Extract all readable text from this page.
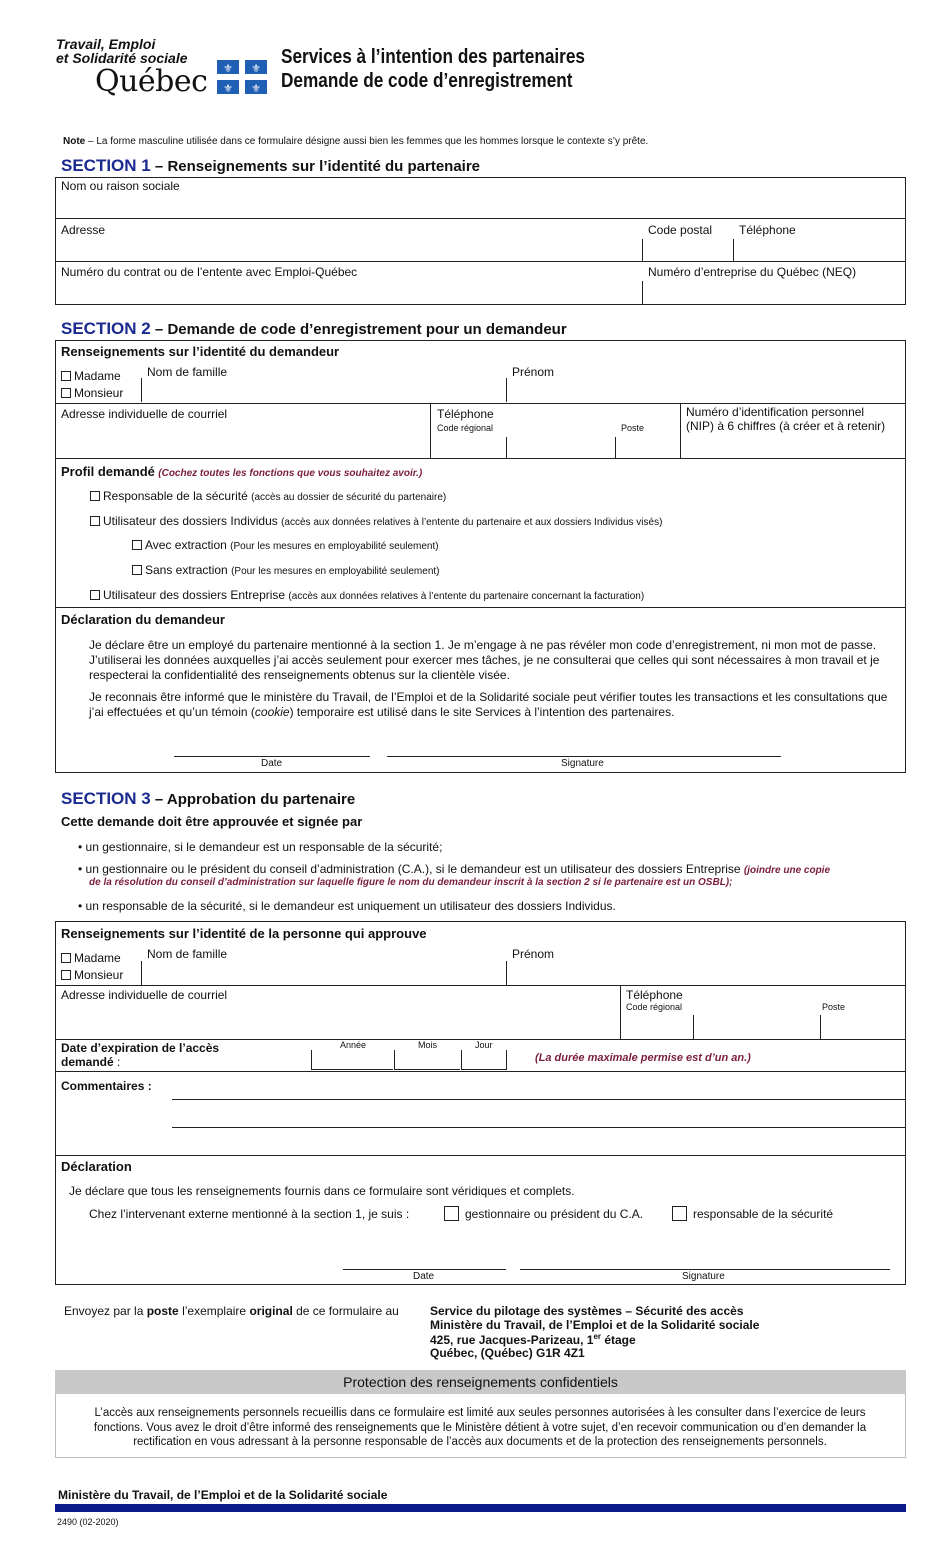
Travail, Emploi
et Solidarité sociale
Québec ⚜ ⚜
⚜ ⚜
Services à l’intention des partenaires
Demande de code d’enregistrement
Note – La forme masculine utilisée dans ce formulaire désigne aussi bien les femmes que les hommes lorsque le contexte s’y prête.
SECTION 1 – Renseignements sur l’identité du partenaire
Nom ou raison sociale
Adresse	Code postal Téléphone
Numéro du contrat ou de l’entente avec Emploi-Québec	Numéro d’entreprise du Québec (NEQ)
SECTION 2 – Demande de code d’enregistrement pour un demandeur
Renseignements sur l’identité du demandeur
Madame
Monsieur
Nom de famille	Prénom
Adresse individuelle de courriel	Téléphone
Code régional	Poste
Numéro d’identification personnel
(NIP) à 6 chiffres (à créer et à retenir)
Profil demandé (Cochez toutes les fonctions que vous souhaitez avoir.)
Responsable de la sécurité (accès au dossier de sécurité du partenaire)
Utilisateur des dossiers Individus (accès aux données relatives à l’entente du partenaire et aux dossiers Individus visés)
Avec extraction (Pour les mesures en employabilité seulement)
Sans extraction (Pour les mesures en employabilité seulement)
Utilisateur des dossiers Entreprise (accès aux données relatives à l’entente du partenaire concernant la facturation)
Déclaration du demandeur
Je déclare être un employé du partenaire mentionné à la section 1. Je m’engage à ne pas révéler mon code d’enregistrement, ni mon mot de passe. J’utiliserai les données auxquelles j’ai accès seulement pour exercer mes tâches, je ne consulterai que celles qui sont nécessaires à mon travail et je respecterai la confidentialité des renseignements obtenus sur la clientèle visée.
Je reconnais être informé que le ministère du Travail, de l’Emploi et de la Solidarité sociale peut vérifier toutes les transactions et les consultations que j’ai effectuées et qu’un témoin (cookie) temporaire est utilisé dans le site Services à l’intention des partenaires.
Date	Signature
SECTION 3 – Approbation du partenaire
Cette demande doit être approuvée et signée par
• un gestionnaire, si le demandeur est un responsable de la sécurité;
• un gestionnaire ou le président du conseil d’administration (C.A.), si le demandeur est un utilisateur des dossiers Entreprise (joindre une copie
de la résolution du conseil d’administration sur laquelle figure le nom du demandeur inscrit à la section 2 si le partenaire est un OSBL);
• un responsable de la sécurité, si le demandeur est uniquement un utilisateur des dossiers Individus.
Renseignements sur l’identité de la personne qui approuve
Madame
Monsieur
Nom de famille	Prénom
Adresse individuelle de courriel	Téléphone
Code régional	Poste
Date d’expiration de l’accès
demandé :
Année	Mois	Jour
(La durée maximale permise est d’un an.)
Commentaires :
Déclaration
Je déclare que tous les renseignements fournis dans ce formulaire sont véridiques et complets.
Chez l’intervenant externe mentionné à la section 1, je suis :	gestionnaire ou président du C.A.	responsable de la sécurité
Date	Signature
Envoyez par la poste l’exemplaire original de ce formulaire au	Service du pilotage des systèmes – Sécurité des accès
Ministère du Travail, de l’Emploi et de la Solidarité sociale
425, rue Jacques-Parizeau, 1er étage
Québec, (Québec) G1R 4Z1
Protection des renseignements confidentiels
L’accès aux renseignements personnels recueillis dans ce formulaire est limité aux seules personnes autorisées à les consulter dans l’exercice de leurs fonctions. Vous avez le droit d’être informé des renseignements que le Ministère détient à votre sujet, d’en recevoir communication ou d’en demander la rectification en vous adressant à la personne responsable de l’accès aux documents et de la protection des renseignements personnels.
Ministère du Travail, de l’Emploi et de la Solidarité sociale
2490 (02-2020)
